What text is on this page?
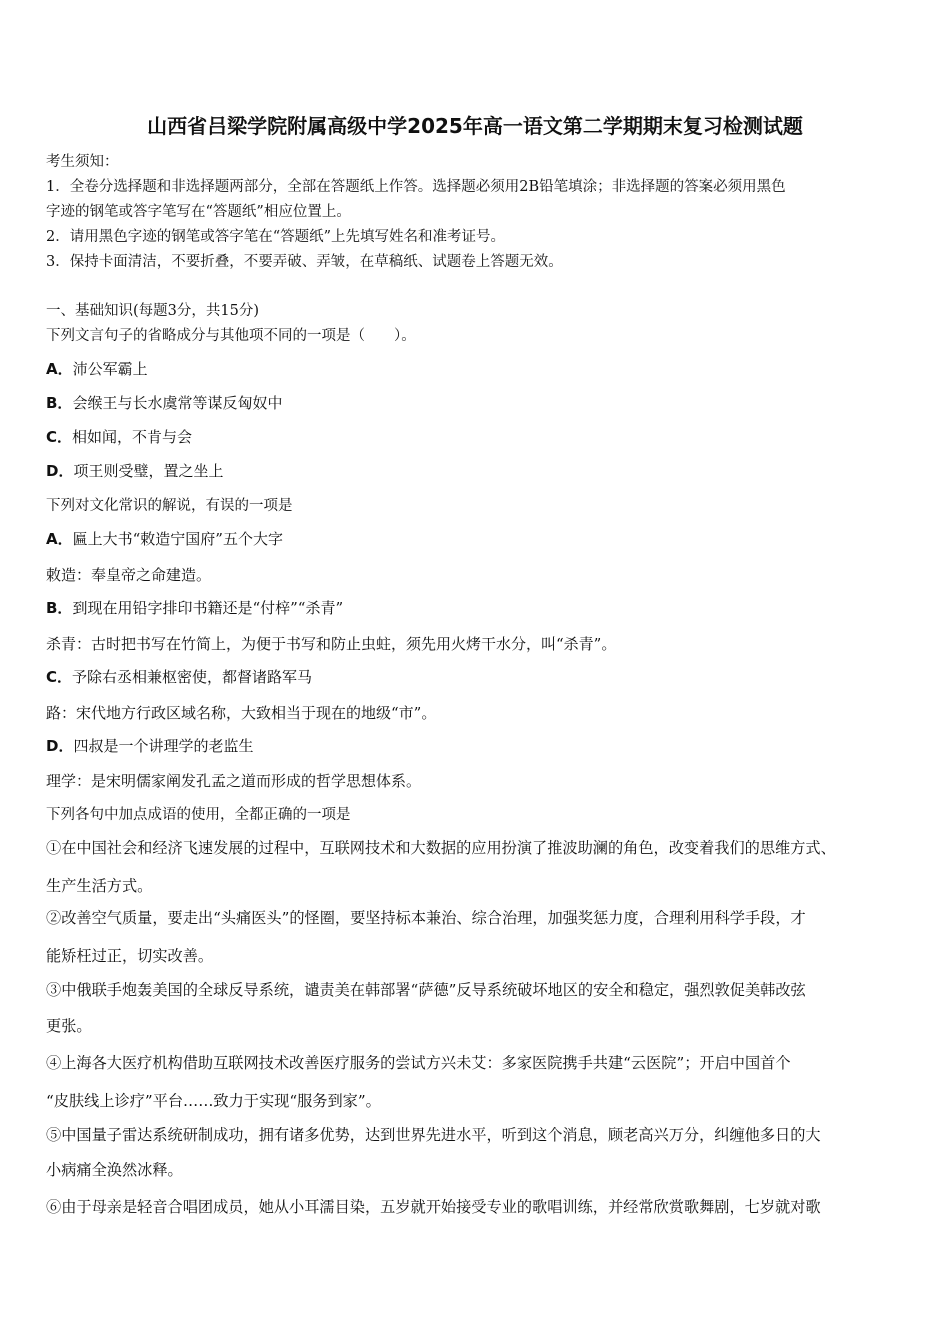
山西省吕梁学院附属高级中学2025年高一语文第二学期期末复习检测试题
考生须知：
1．全卷分选择题和非选择题两部分，全部在答题纸上作答。选择题必须用2B铅笔填涂；非选择题的答案必须用黑色
字迹的钢笔或答字笔写在“答题纸”相应位置上。
2．请用黑色字迹的钢笔或答字笔在“答题纸”上先填写姓名和准考证号。
3．保持卡面清洁，不要折叠，不要弄破、弄皱，在草稿纸、试题卷上答题无效。
一、基础知识(每题3分，共15分)
下列文言句子的省略成分与其他项不同的一项是（　　）。
A．沛公军霸上
B．会缑王与长水虞常等谋反匈奴中
C．相如闻，不肯与会
D．项王则受璧，置之坐上
下列对文化常识的解说，有误的一项是
A．匾上大书“敕造宁国府”五个大字
敕造：奉皇帝之命建造。
B．到现在用铅字排印书籍还是“付梓”“杀青”
杀青：古时把书写在竹简上，为便于书写和防止虫蛀，须先用火烤干水分，叫“杀青”。
C．予除右丞相兼枢密使，都督诸路军马
路：宋代地方行政区域名称，大致相当于现在的地级“市”。
D．四叔是一个讲理学的老监生
理学：是宋明儒家阐发孔孟之道而形成的哲学思想体系。
下列各句中加点成语的使用，全都正确的一项是
①在中国社会和经济飞速发展的过程中，互联网技术和大数据的应用扮演了推波助澜的角色，改变着我们的思维方式、
生产生活方式。
②改善空气质量，要走出“头痛医头”的怪圈，要坚持标本兼治、综合治理，加强奖惩力度，合理利用科学手段，才
能矫枉过正，切实改善。
③中俄联手炮轰美国的全球反导系统，谴责美在韩部署“萨德”反导系统破坏地区的安全和稳定，强烈敦促美韩改弦
更张。
④上海各大医疗机构借助互联网技术改善医疗服务的尝试方兴未艾：多家医院携手共建“云医院”；开启中国首个
“皮肤线上诊疗”平台……致力于实现“服务到家”。
⑤中国量子雷达系统研制成功，拥有诸多优势，达到世界先进水平，听到这个消息，顾老高兴万分，纠缠他多日的大
小病痛全涣然冰释。
⑥由于母亲是轻音合唱团成员，她从小耳濡目染，五岁就开始接受专业的歌唱训练，并经常欣赏歌舞剧，七岁就对歌
